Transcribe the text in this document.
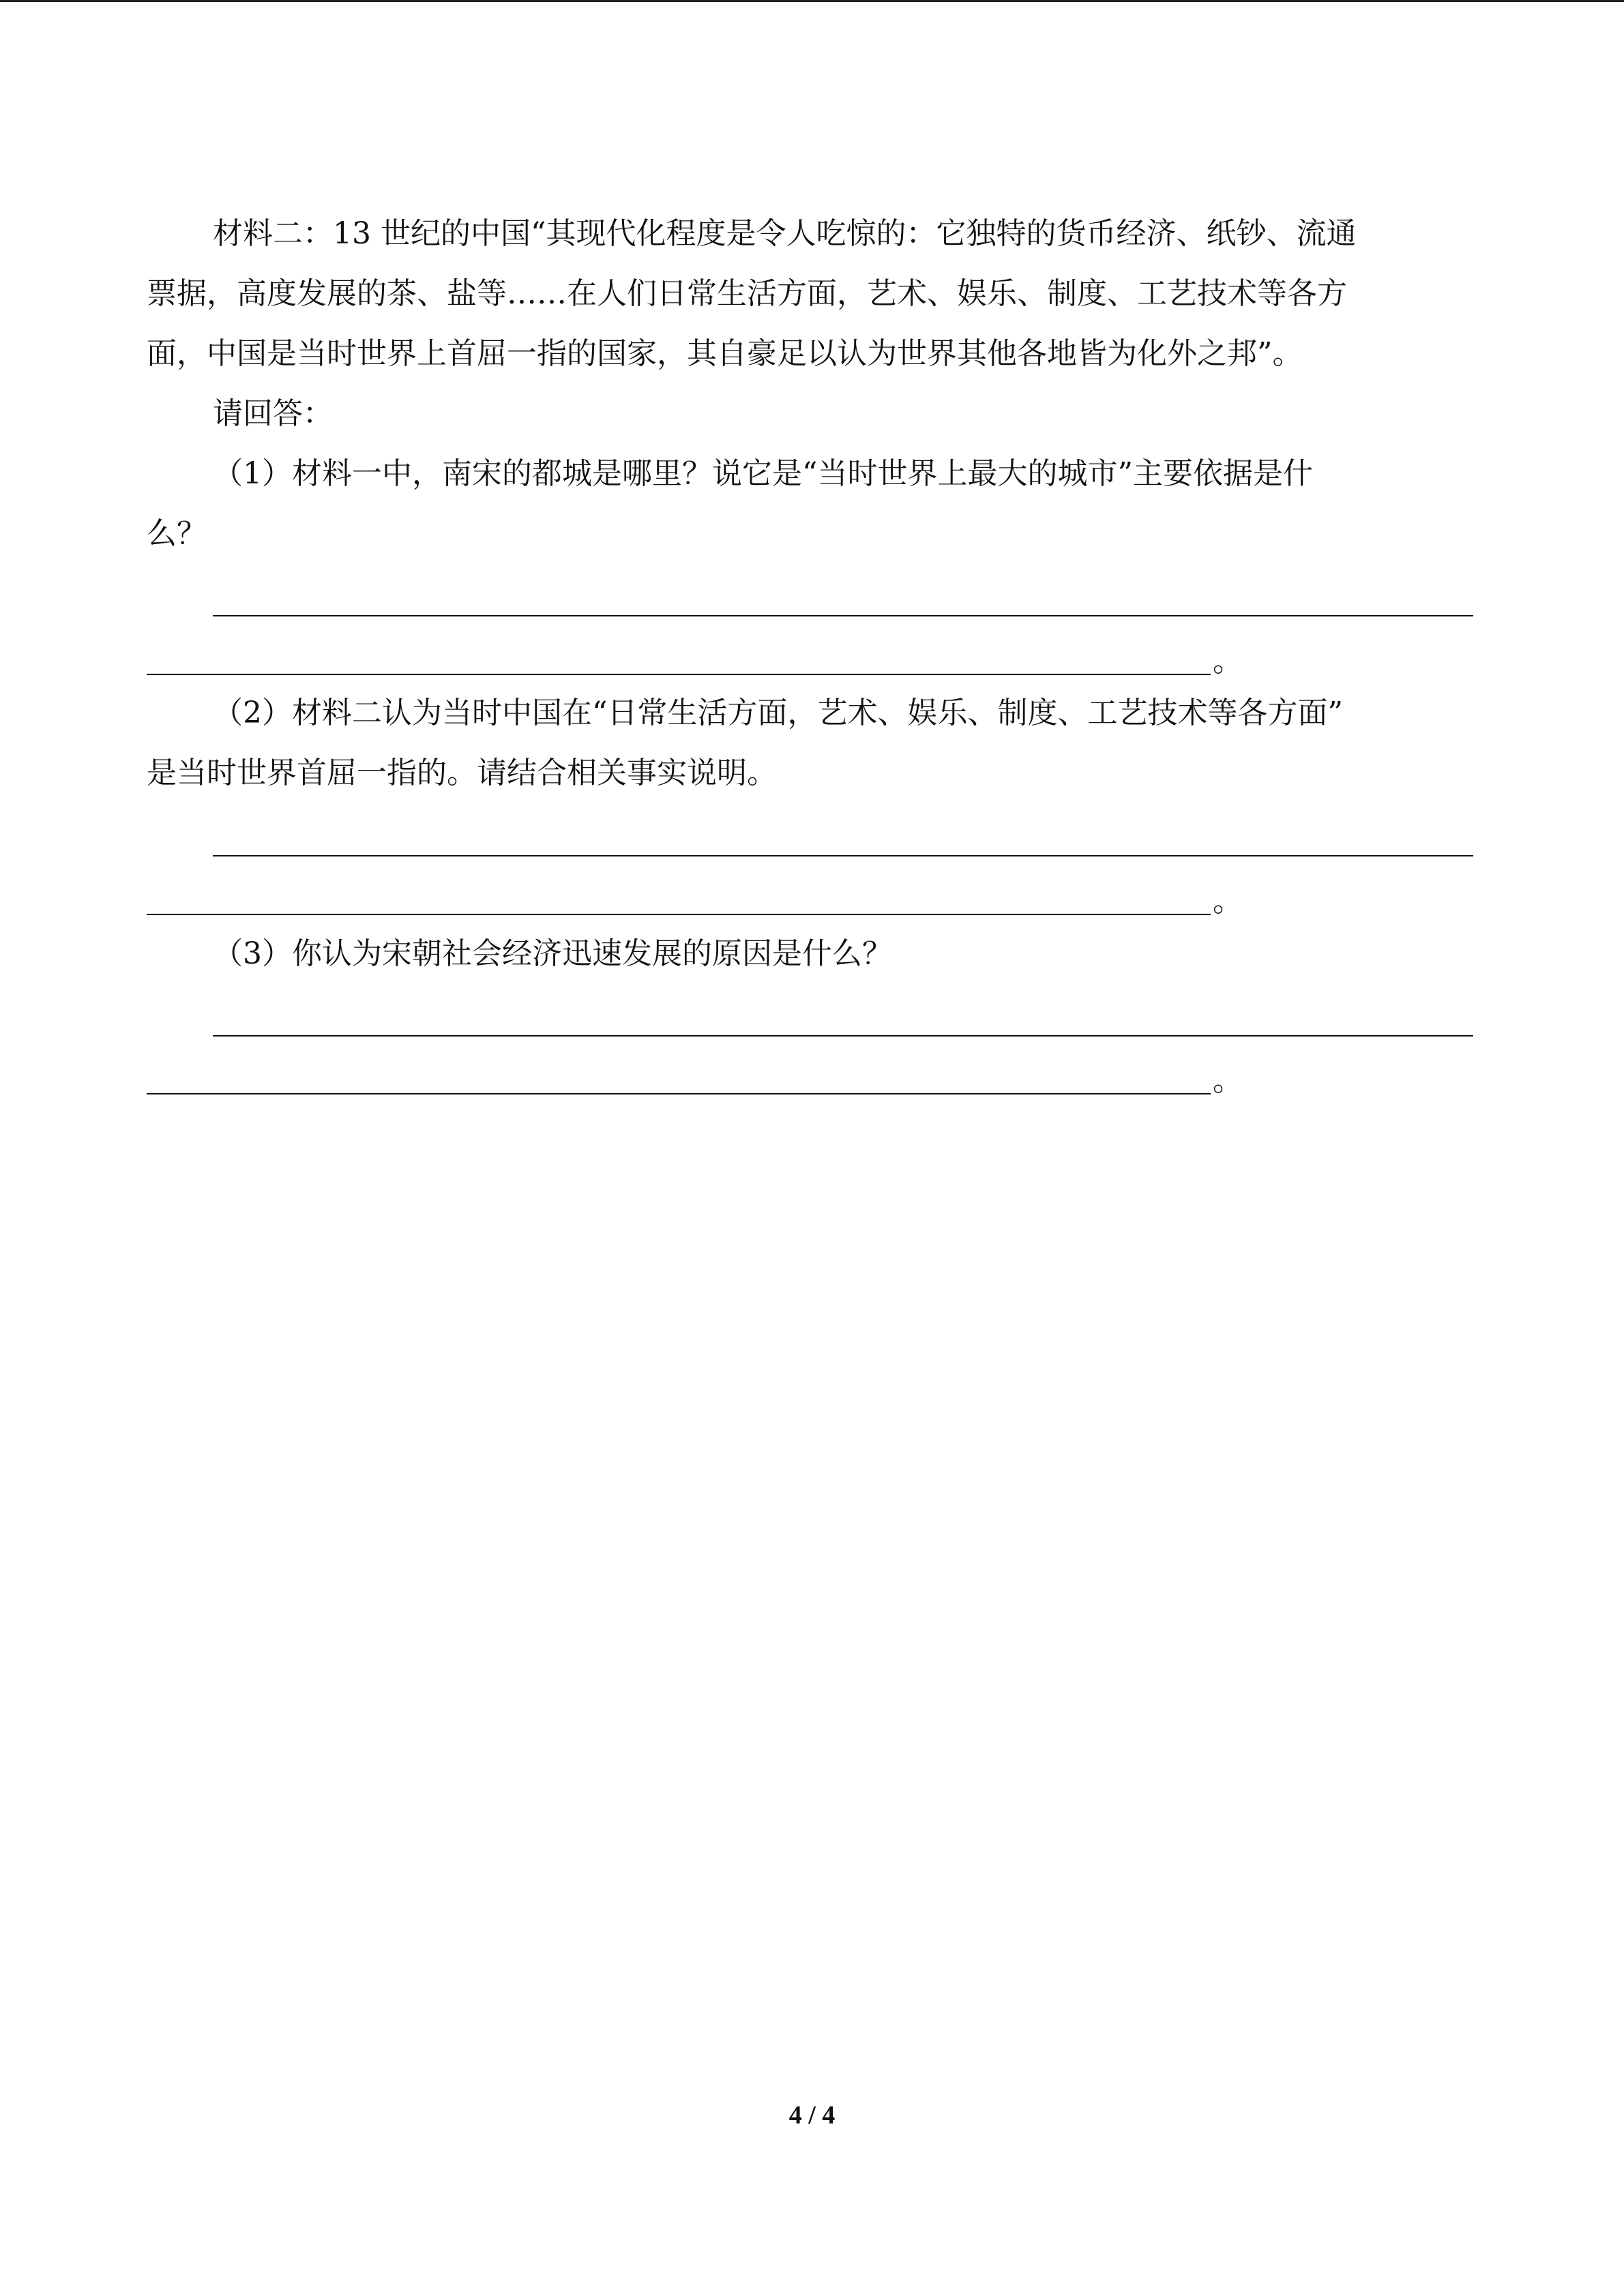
材料二：13 世纪的中国“其现代化程度是令人吃惊的：它独特的货币经济、纸钞、流通
票据，高度发展的茶、盐等……在人们日常生活方面，艺术、娱乐、制度、工艺技术等各方
面，中国是当时世界上首屈一指的国家，其自豪足以认为世界其他各地皆为化外之邦”。
请回答：
（1）材料一中，南宋的都城是哪里？说它是“当时世界上最大的城市”主要依据是什
么？
。
（2）材料二认为当时中国在“日常生活方面，艺术、娱乐、制度、工艺技术等各方面”
是当时世界首屈一指的。请结合相关事实说明。
。
（3）你认为宋朝社会经济迅速发展的原因是什么？
。
4 / 4
